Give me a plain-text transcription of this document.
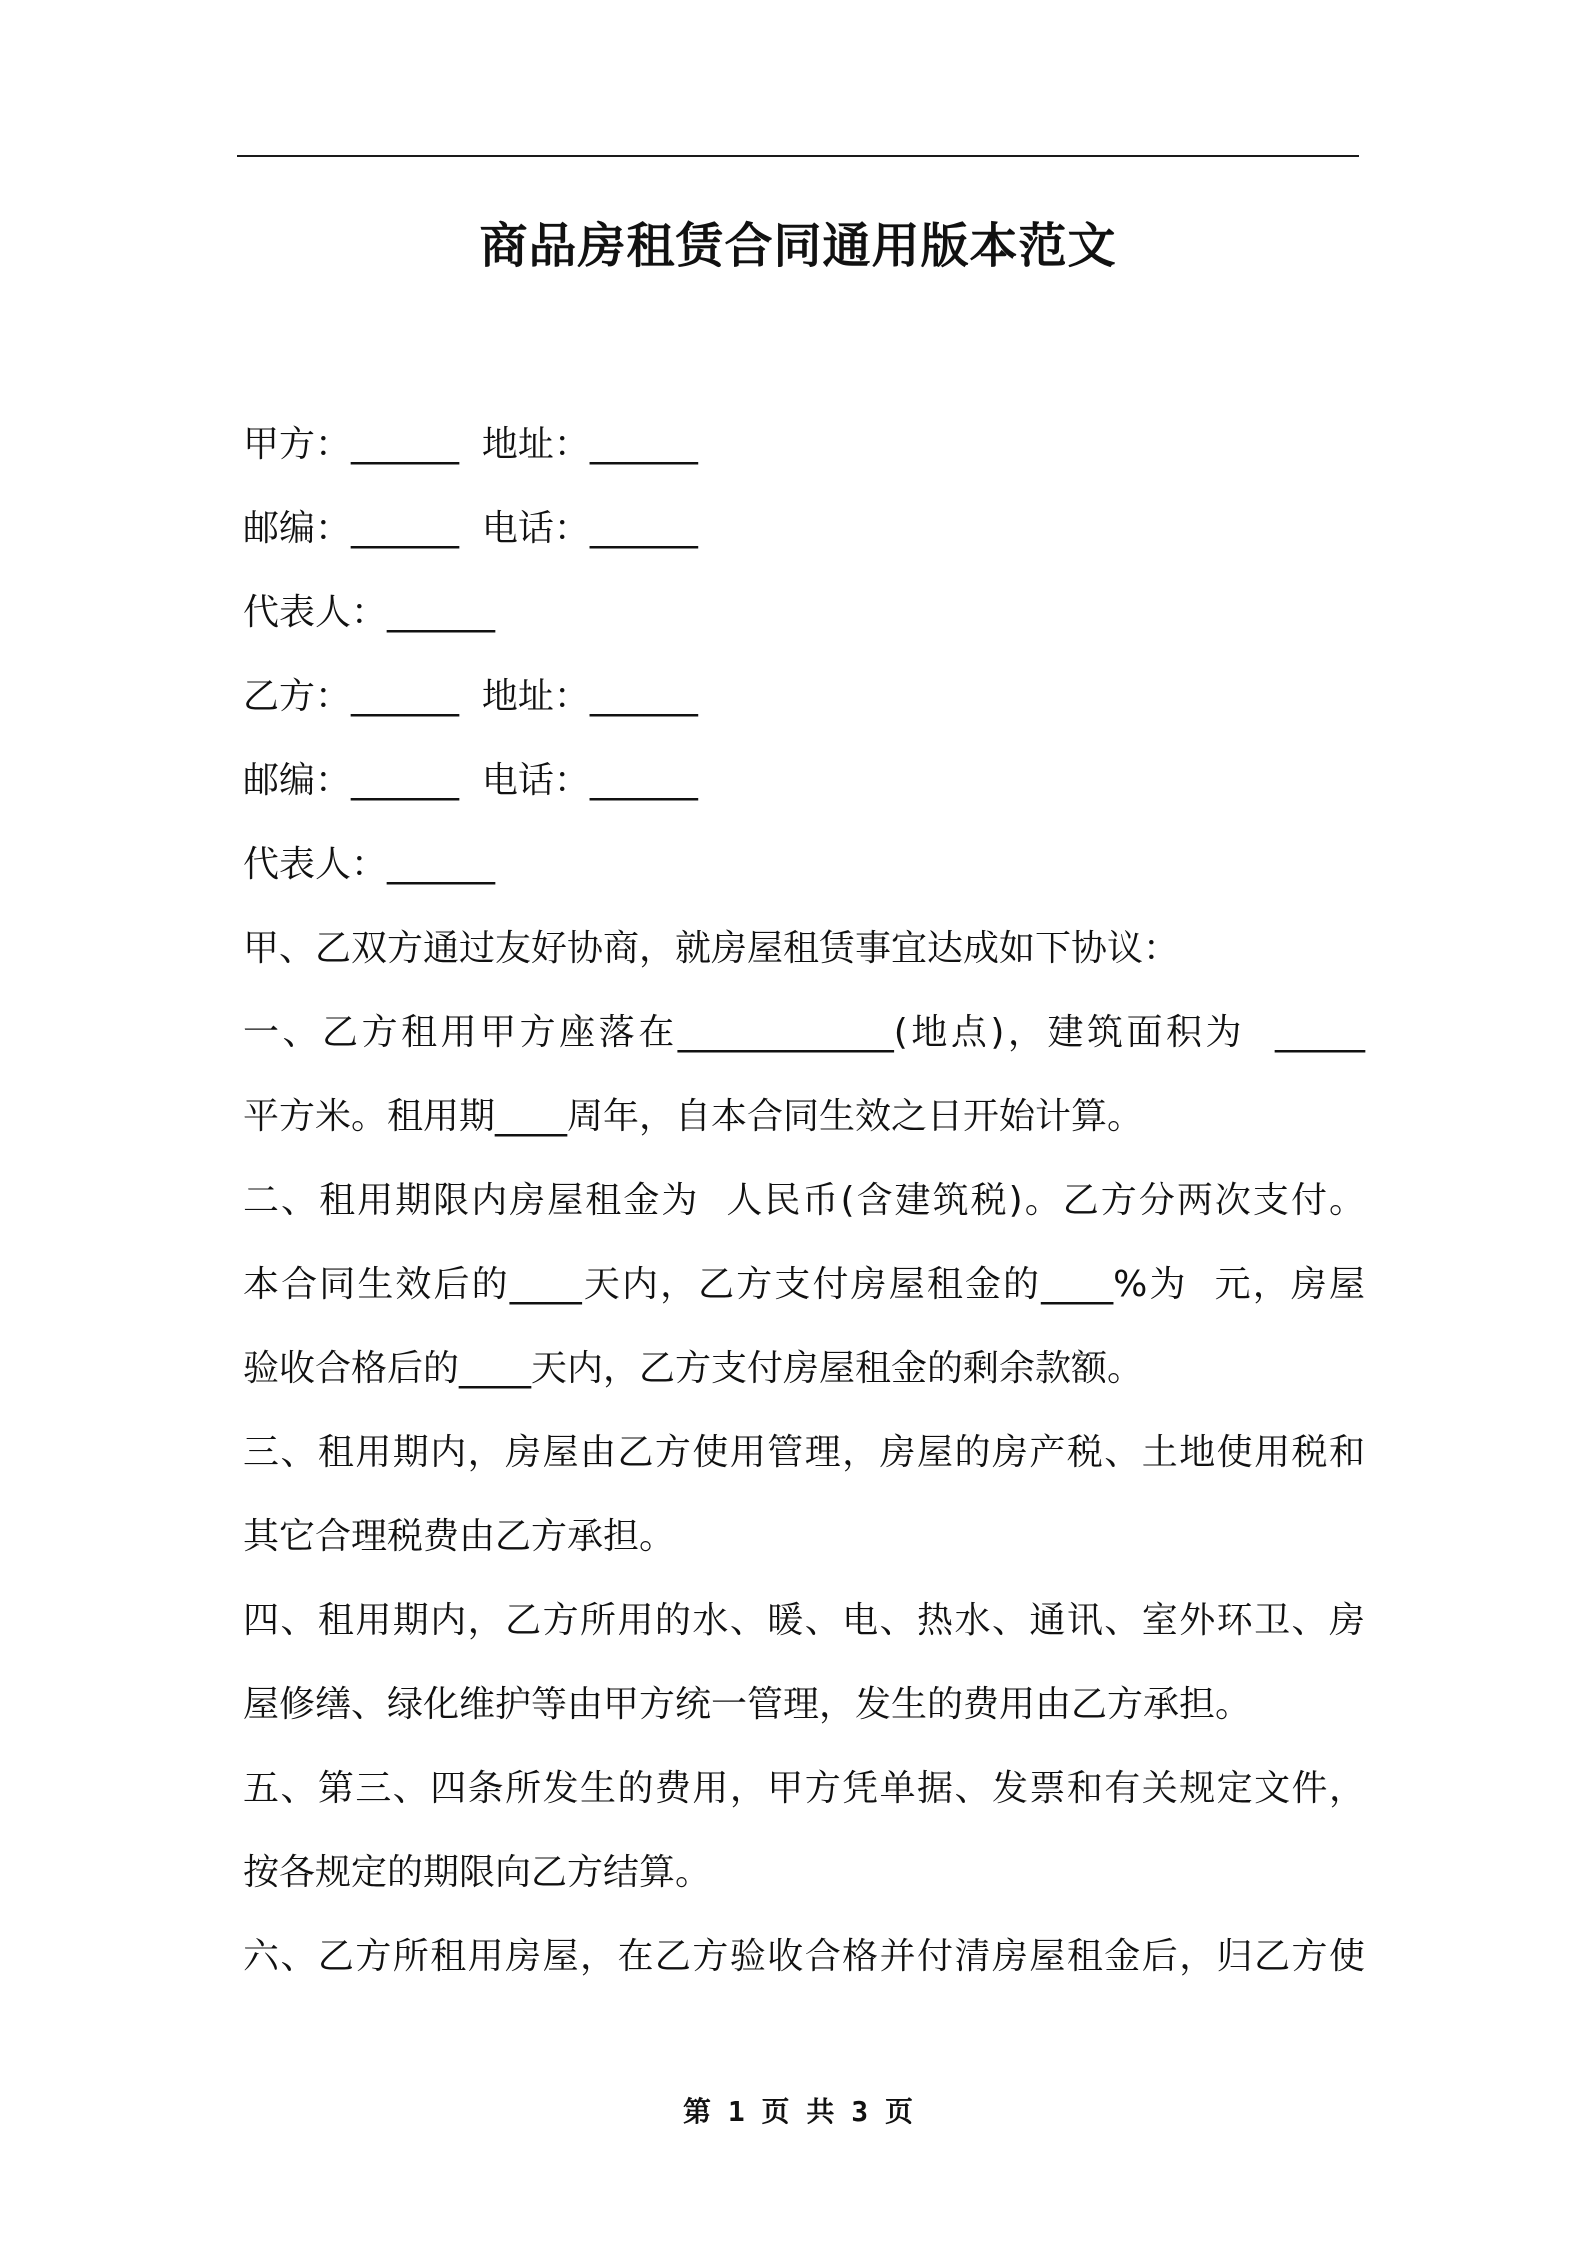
商品房租赁合同通用版本范文
甲方：______  地址：______
邮编：______  电话：______
代表人：______
乙方：______  地址：______
邮编：______  电话：______
代表人：______
甲、乙双方通过友好协商，就房屋租赁事宜达成如下协议：
一、乙方租用甲方座落在____________(地点)，建筑面积为  _____
平方米。租用期____周年，自本合同生效之日开始计算。
二、租用期限内房屋租金为  人民币(含建筑税)。乙方分两次支付。
本合同生效后的____天内，乙方支付房屋租金的____%为  元，房屋
验收合格后的____天内，乙方支付房屋租金的剩余款额。
三、租用期内，房屋由乙方使用管理，房屋的房产税、土地使用税和
其它合理税费由乙方承担。
四、租用期内，乙方所用的水、暖、电、热水、通讯、室外环卫、房
屋修缮、绿化维护等由甲方统一管理，发生的费用由乙方承担。
五、第三、四条所发生的费用，甲方凭单据、发票和有关规定文件，
按各规定的期限向乙方结算。
六、乙方所租用房屋，在乙方验收合格并付清房屋租金后，归乙方使
第 1 页 共 3 页
